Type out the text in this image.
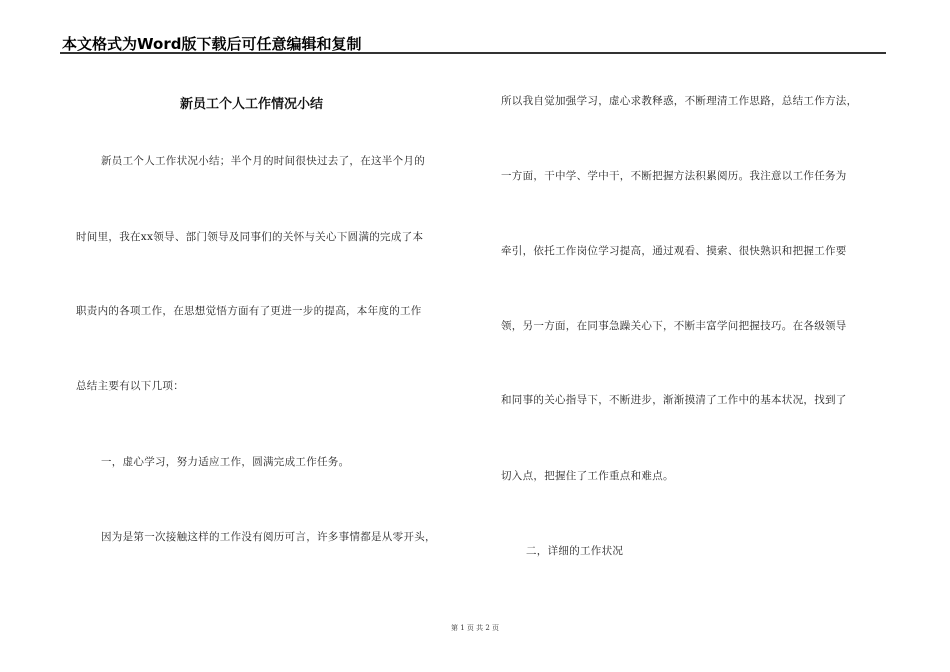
本文格式为Word版下载后可任意编辑和复制
新员工个人工作情况小结
新员工个人工作状况小结；半个月的时间很快过去了，在这半个月的
时间里，我在xx领导、部门领导及同事们的关怀与关心下圆满的完成了本
职责内的各项工作，在思想觉悟方面有了更进一步的提高，本年度的工作
总结主要有以下几项：
一，虚心学习，努力适应工作，圆满完成工作任务。
因为是第一次接触这样的工作没有阅历可言，许多事情都是从零开头，
所以我自觉加强学习，虚心求教释惑，不断理清工作思路，总结工作方法，
一方面，干中学、学中干，不断把握方法积累阅历。我注意以工作任务为
牵引，依托工作岗位学习提高，通过观看、摸索、很快熟识和把握工作要
领，另一方面，在同事急躁关心下，不断丰富学问把握技巧。在各级领导
和同事的关心指导下，不断进步，渐渐摸清了工作中的基本状况，找到了
切入点，把握住了工作重点和难点。
二，详细的工作状况
第 1 页 共 2 页
